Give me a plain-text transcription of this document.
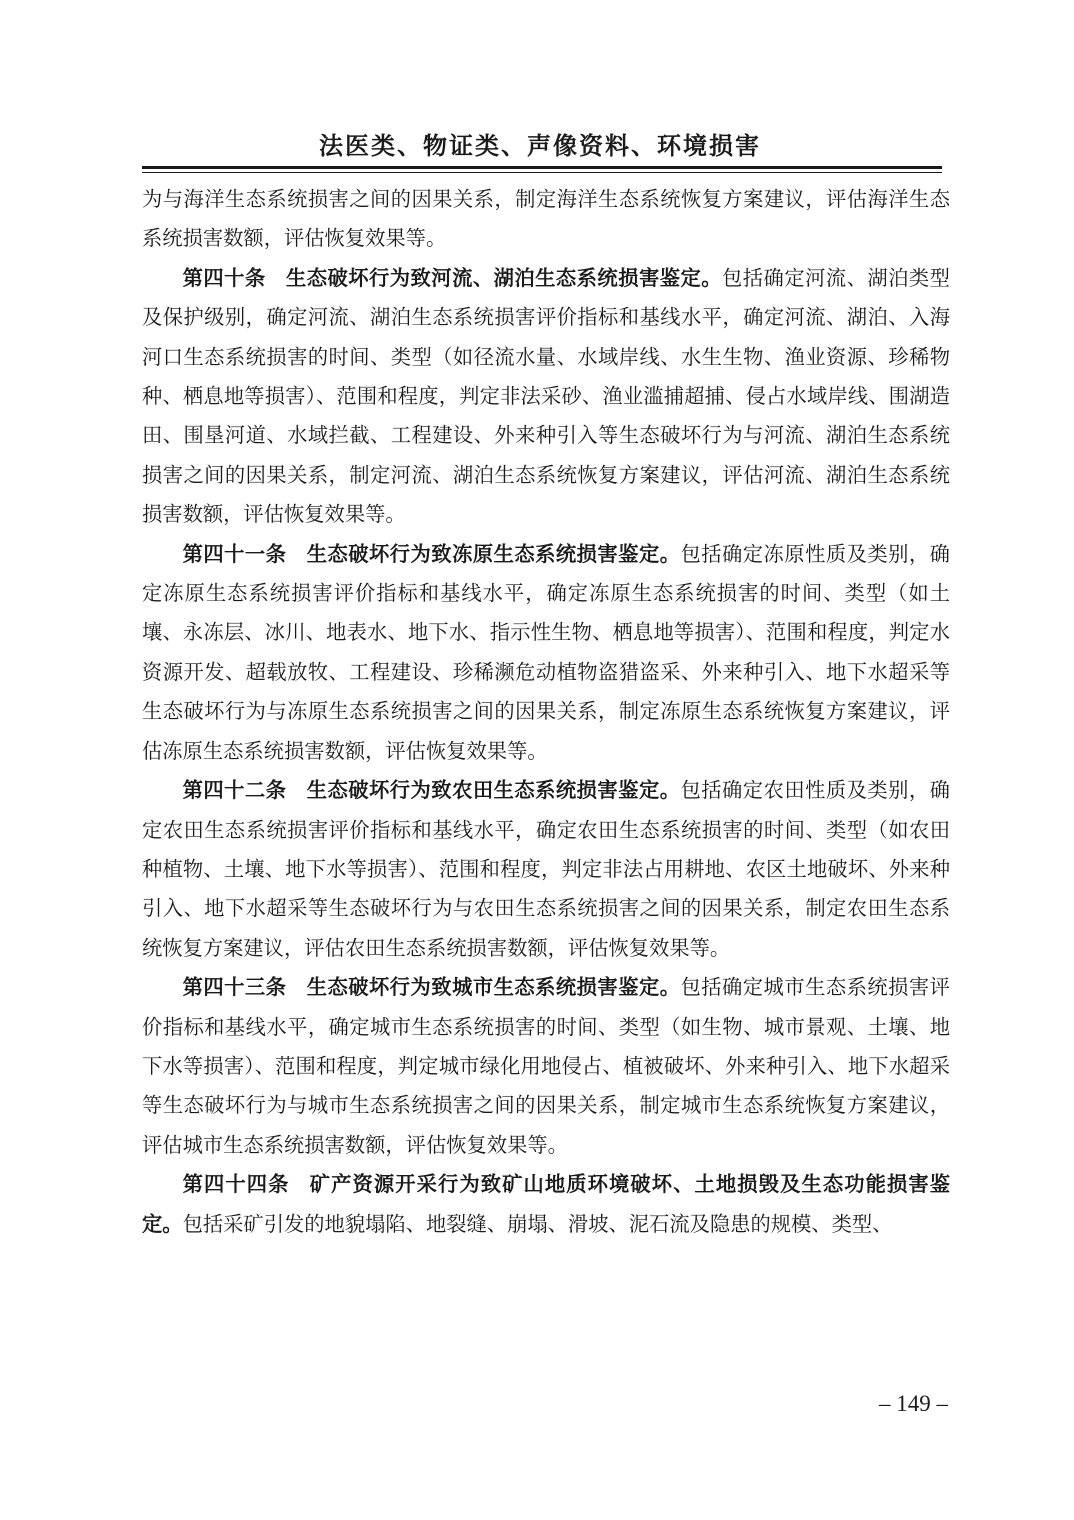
法医类、物证类、声像资料、环境损害

为与海洋生态系统损害之间的因果关系，制定海洋生态系统恢复方案建议，评估海洋生态系统损害数额，评估恢复效果等。

第四十条 生态破坏行为致河流、湖泊生态系统损害鉴定。包括确定河流、湖泊类型及保护级别，确定河流、湖泊生态系统损害评价指标和基线水平，确定河流、湖泊、入海河口生态系统损害的时间、类型（如径流水量、水域岸线、水生生物、渔业资源、珍稀物种、栖息地等损害）、范围和程度，判定非法采砂、渔业滥捕超捕、侵占水域岸线、围湖造田、围垦河道、水域拦截、工程建设、外来种引入等生态破坏行为与河流、湖泊生态系统损害之间的因果关系，制定河流、湖泊生态系统恢复方案建议，评估河流、湖泊生态系统损害数额，评估恢复效果等。

第四十一条 生态破坏行为致冻原生态系统损害鉴定。包括确定冻原性质及类别，确定冻原生态系统损害评价指标和基线水平，确定冻原生态系统损害的时间、类型（如土壤、永冻层、冰川、地表水、地下水、指示性生物、栖息地等损害）、范围和程度，判定水资源开发、超载放牧、工程建设、珍稀濒危动植物盗猎盗采、外来种引入、地下水超采等生态破坏行为与冻原生态系统损害之间的因果关系，制定冻原生态系统恢复方案建议，评估冻原生态系统损害数额，评估恢复效果等。

第四十二条 生态破坏行为致农田生态系统损害鉴定。包括确定农田性质及类别，确定农田生态系统损害评价指标和基线水平，确定农田生态系统损害的时间、类型（如农田种植物、土壤、地下水等损害）、范围和程度，判定非法占用耕地、农区土地破坏、外来种引入、地下水超采等生态破坏行为与农田生态系统损害之间的因果关系，制定农田生态系统恢复方案建议，评估农田生态系统损害数额，评估恢复效果等。

第四十三条 生态破坏行为致城市生态系统损害鉴定。包括确定城市生态系统损害评价指标和基线水平，确定城市生态系统损害的时间、类型（如生物、城市景观、土壤、地下水等损害）、范围和程度，判定城市绿化用地侵占、植被破坏、外来种引入、地下水超采等生态破坏行为与城市生态系统损害之间的因果关系，制定城市生态系统恢复方案建议，评估城市生态系统损害数额，评估恢复效果等。

第四十四条 矿产资源开采行为致矿山地质环境破坏、土地损毁及生态功能损害鉴定。包括采矿引发的地貌塌陷、地裂缝、崩塌、滑坡、泥石流及隐患的规模、类型、

– 149 –
